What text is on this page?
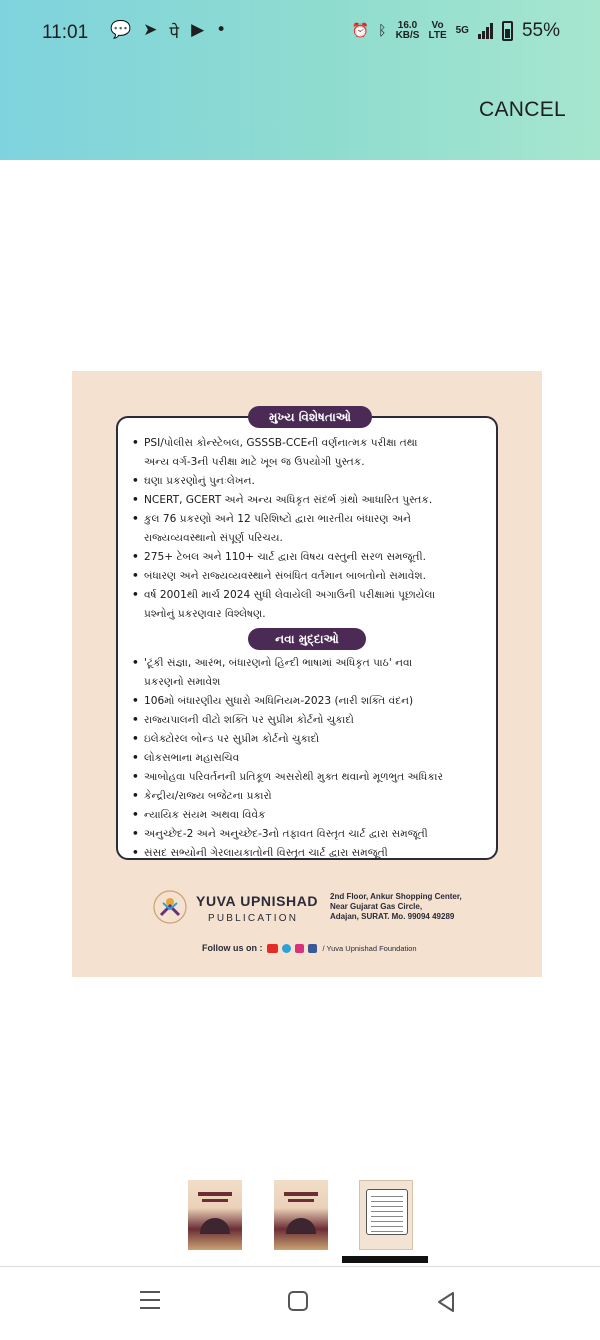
11:01 💬 ➤ पे ▶ •	⏰ ᛒ 16.0
KB/S
Vo
LTE 5G	55%
CANCEL
મુખ્ય વિશેષતાઓ
• PSI/પોલીસ કોન્સ્ટેબલ, GSSSB-CCEની વર્ણનાત્મક પરીક્ષા તથા
અન્ય વર્ગ-3ની પરીક્ષા માટે ખૂબ જ ઉપયોગી પુસ્તક.
• ઘણા પ્રકરણોનું પુનઃલેખન.
• NCERT, GCERT અને અન્ય અધિકૃત સંદર્ભ ગ્રંથો આધારિત પુસ્તક.
• કુલ 76 પ્રકરણો અને 12 પરિશિષ્ટો દ્વારા ભારતીય બંધારણ અને
રાજ્યવ્યવસ્થાનો સંપૂર્ણ પરિચય.
• 275+ ટેબલ અને 110+ ચાર્ટ દ્વારા વિષય વસ્તુની સરળ સમજૂતી.
• બંધારણ અને રાજ્યવ્યવસ્થાને સંબંધિત વર્તમાન બાબતોનો સમાવેશ.
• વર્ષ 2001થી માર્ચ 2024 સુધી લેવાયેલી અગાઉની પરીક્ષામાં પૂછાયેલા
પ્રશ્નોનું પ્રકરણવાર વિશ્લેષણ.
નવા મુદ્દાઓ
• 'ટૂંકી સંજ્ઞા, આરંભ, બંધારણનો હિન્દી ભાષામાં અધિકૃત પાઠ' નવા
પ્રકરણનો સમાવેશ
• 106મો બંધારણીય સુધારો અધિનિયમ-2023 (નારી શક્તિ વંદન)
• રાજ્યપાલની વીટો શક્તિ પર સુપ્રીમ કોર્ટનો ચુકાદો
• ઇલેક્ટોરલ બોન્ડ પર સુપ્રીમ કોર્ટનો ચુકાદો
• લોકસભાના મહાસચિવ
• આબોહવા પરિવર્તનની પ્રતિકૂળ અસરોથી મુક્ત થવાનો મૂળભુત અધિકાર
• કેન્દ્રીય/રાજ્ય બજેટના પ્રકારો
• ન્યાયિક સંયમ અથવા વિવેક
• અનુચ્છેદ-2 અને અનુચ્છેદ-3નો તફાવત વિસ્તૃત ચાર્ટ દ્વારા સમજૂતી
• સંસદ સભ્યોની ગેરલાયકાતોની વિસ્તૃત ચાર્ટ દ્વારા સમજૂતી
YUVA UPNISHAD
PUBLICATION
2nd Floor, Ankur Shopping Center,
Near Gujarat Gas Circle,
Adajan, SURAT. Mo. 99094 49289
Follow us on :	/ Yuva Upnishad Foundation
